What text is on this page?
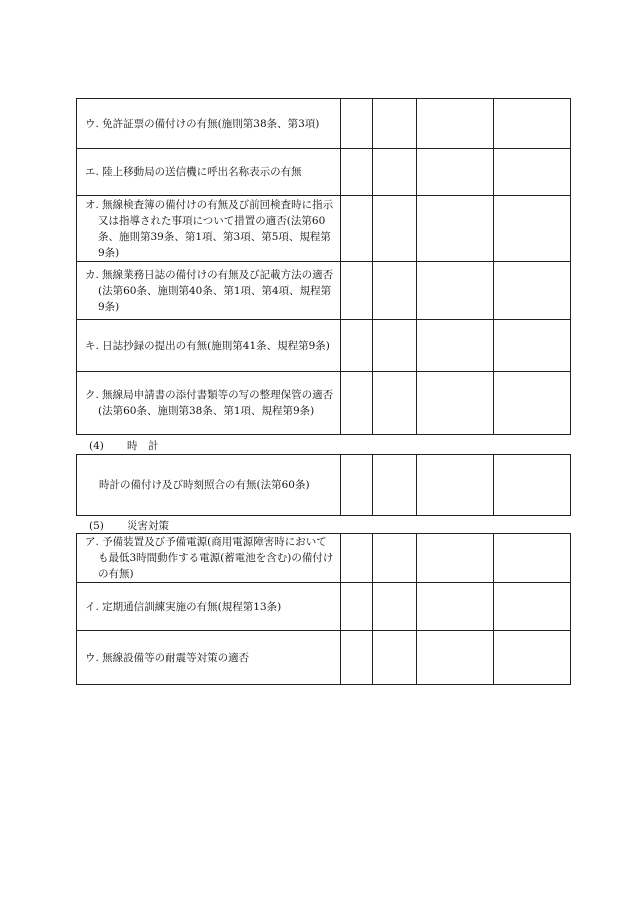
ウ. 免許証票の備付けの有無(施則第38条、第3項)				
エ. 陸上移動局の送信機に呼出名称表示の有無				

オ. 無線検査簿の備付けの有無及び前回検査時に指示又は指導された事項について措置の適否(法第60条、施則第39条、第1項、第3項、第5項、規程第9条)				

カ. 無線業務日誌の備付けの有無及び記載方法の適否(法第60条、施則第40条、第1項、第4項、規程第9条)				

キ. 日誌抄録の提出の有無(施則第41条、規程第9条)				

ク. 無線局申請書の添付書類等の写の整理保管の適否(法第60条、施則第38条、第1項、規程第9条)				

(4) 時　計
時計の備付け及び時刻照合の有無(法第60条)

(5) 災害対策
ア. 予備装置及び予備電源(商用電源障害時においても最低3時間動作する電源(蓄電池を含む)の備付けの有無)				

イ. 定期通信訓練実施の有無(規程第13条)				
ウ. 無線設備等の耐震等対策の適否				
